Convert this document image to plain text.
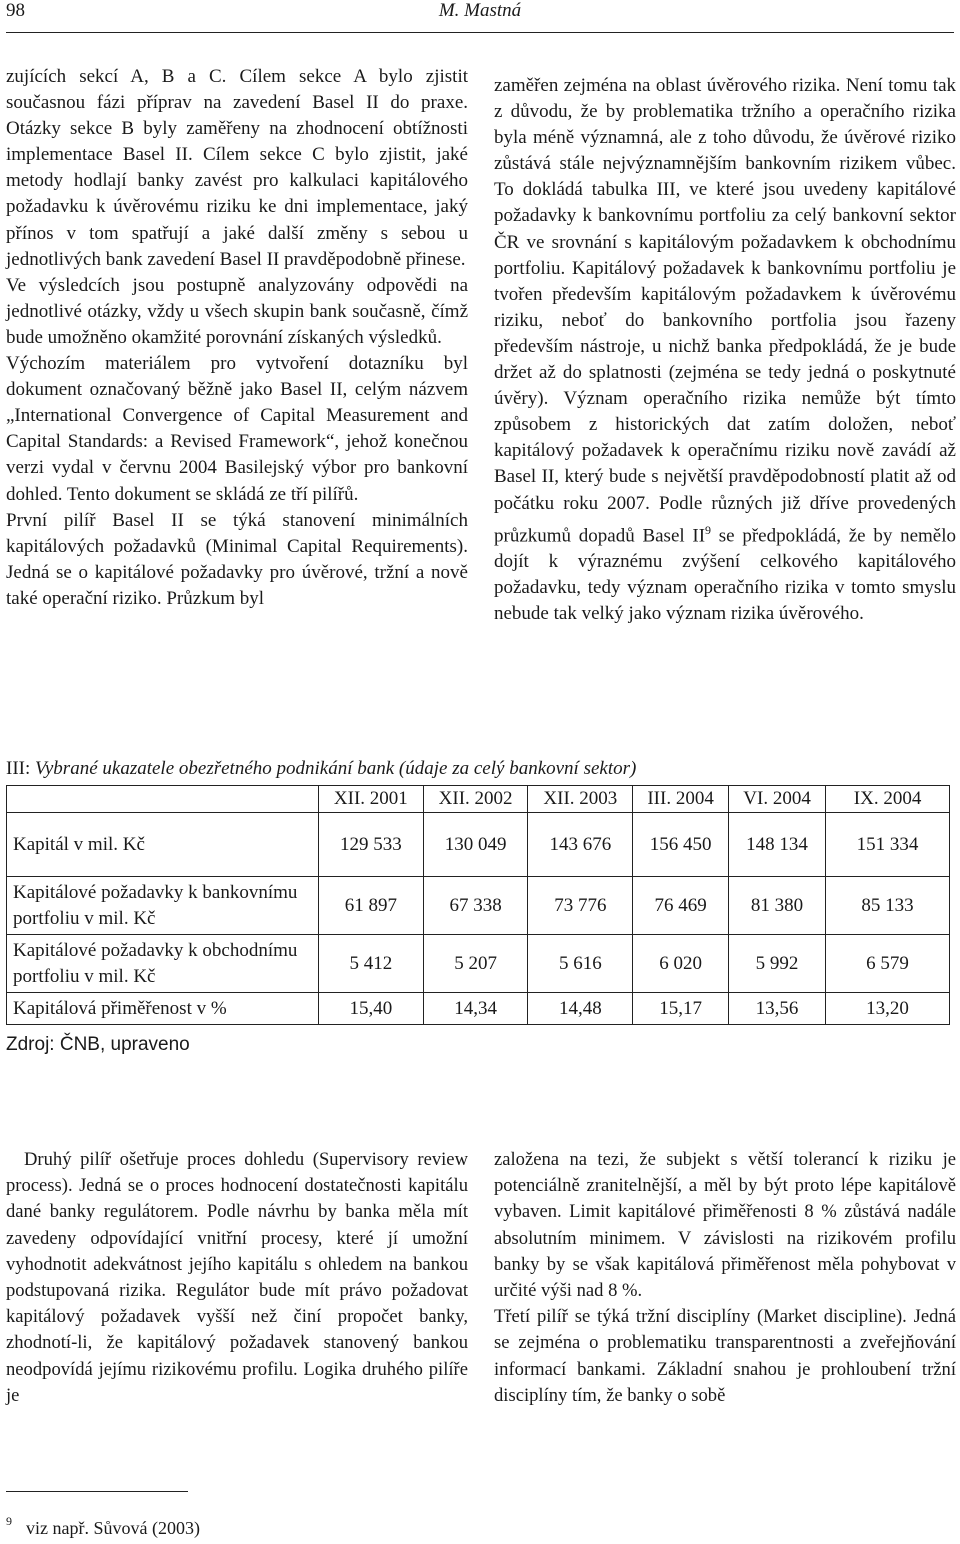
98	M. Mastná

zujících sekcí A, B a C. Cílem sekce A bylo zjistit současnou fázi příprav na zavedení Basel II do praxe. Otázky sekce B byly zaměřeny na zhodnocení obtížnosti implementace Basel II. Cílem sekce C bylo zjistit, jaké metody hodlají banky zavést pro kalkulaci kapitálového požadavku k úvěrovému riziku ke dni implementace, jaký přínos v tom spatřují a jaké další změny s sebou u jednotlivých bank zavedení Basel II pravděpodobně přinese.

Ve výsledcích jsou postupně analyzovány odpovědi na jednotlivé otázky, vždy u všech skupin bank současně, čímž bude umožněno okamžité porovnání získaných výsledků.

Výchozím materiálem pro vytvoření dotazníku byl dokument označovaný běžně jako Basel II, celým názvem „International Convergence of Capital Measurement and Capital Standards: a Revised Framework“, jehož konečnou verzi vydal v červnu 2004 Basilejský výbor pro bankovní dohled. Tento dokument se skládá ze tří pilířů.

První pilíř Basel II se týká stanovení minimálních kapitálových požadavků (Minimal Capital Requirements). Jedná se o kapitálové požadavky pro úvěrové, tržní a nově také operační riziko. Průzkum byl

zaměřen zejména na oblast úvěrového rizika. Není tomu tak z důvodu, že by problematika tržního a operačního rizika byla méně významná, ale z toho důvodu, že úvěrové riziko zůstává stále nejvýznamnějším bankovním rizikem vůbec. To dokládá tabulka III, ve které jsou uvedeny kapitálové požadavky k bankovnímu portfoliu za celý bankovní sektor ČR ve srovnání s kapitálovým požadavkem k obchodnímu portfoliu. Kapitálový požadavek k bankovnímu portfoliu je tvořen především kapitálovým požadavkem k úvěrovému riziku, neboť do bankovního portfolia jsou řazeny především nástroje, u nichž banka předpokládá, že je bude držet až do splatnosti (zejména se tedy jedná o poskytnuté úvěry). Význam operačního rizika nemůže být tímto způsobem z historických dat zatím doložen, neboť kapitálový požadavek k operačnímu riziku nově zavádí až Basel II, který bude s největší pravděpodobností platit až od počátku roku 2007. Podle různých již dříve provedených průzkumů dopadů Basel II$^9$ se předpokládá, že by nemělo dojít k výraznému zvýšení celkového kapitálového požadavku, tedy význam operačního rizika v tomto smyslu nebude tak velký jako význam rizika úvěrového.

III: Vybrané ukazatele obezřetného podnikání bank (údaje za celý bankovní sektor)
	XII. 2001	XII. 2002	XII. 2003	III. 2004	VI. 2004	IX. 2004
Kapitál v mil. Kč	129 533	130 049	143 676	156 450	148 134	151 334
Kapitálové požadavky k bankovnímu portfoliu v mil. Kč	61 897	67 338	73 776	76 469	81 380	85 133
Kapitálové požadavky k obchodnímu portfoliu v mil. Kč	5 412	5 207	5 616	6 020	5 992	6 579
Kapitálová přiměřenost v %	15,40	14,34	14,48	15,17	13,56	13,20
Zdroj: ČNB, upraveno

Druhý pilíř ošetřuje proces dohledu (Supervisory review process). Jedná se o proces hodnocení dostatečnosti kapitálu dané banky regulátorem. Podle návrhu by banka měla mít zavedeny odpovídající vnitřní procesy, které jí umožní vyhodnotit adekvátnost jejího kapitálu s ohledem na bankou podstupovaná rizika. Regulátor bude mít právo požadovat kapitálový požadavek vyšší než činí propočet banky, zhodnotí-li, že kapitálový požadavek stanovený bankou neodpovídá jejímu rizikovému profilu. Logika druhého pilíře je

založena na tezi, že subjekt s větší tolerancí k riziku je potenciálně zranitelnější, a měl by být proto lépe kapitálově vybaven. Limit kapitálové přiměřenosti 8 % zůstává nadále absolutním minimem. V závislosti na rizikovém profilu banky by se však kapitálová přiměřenost měla pohybovat v určité výši nad 8 %.

Třetí pilíř se týká tržní disciplíny (Market discipline). Jedná se zejména o problematiku transparentnosti a zveřejňování informací bankami. Základní snahou je prohloubení tržní disciplíny tím, že banky o sobě

$^9$ viz např. Sůvová (2003)
